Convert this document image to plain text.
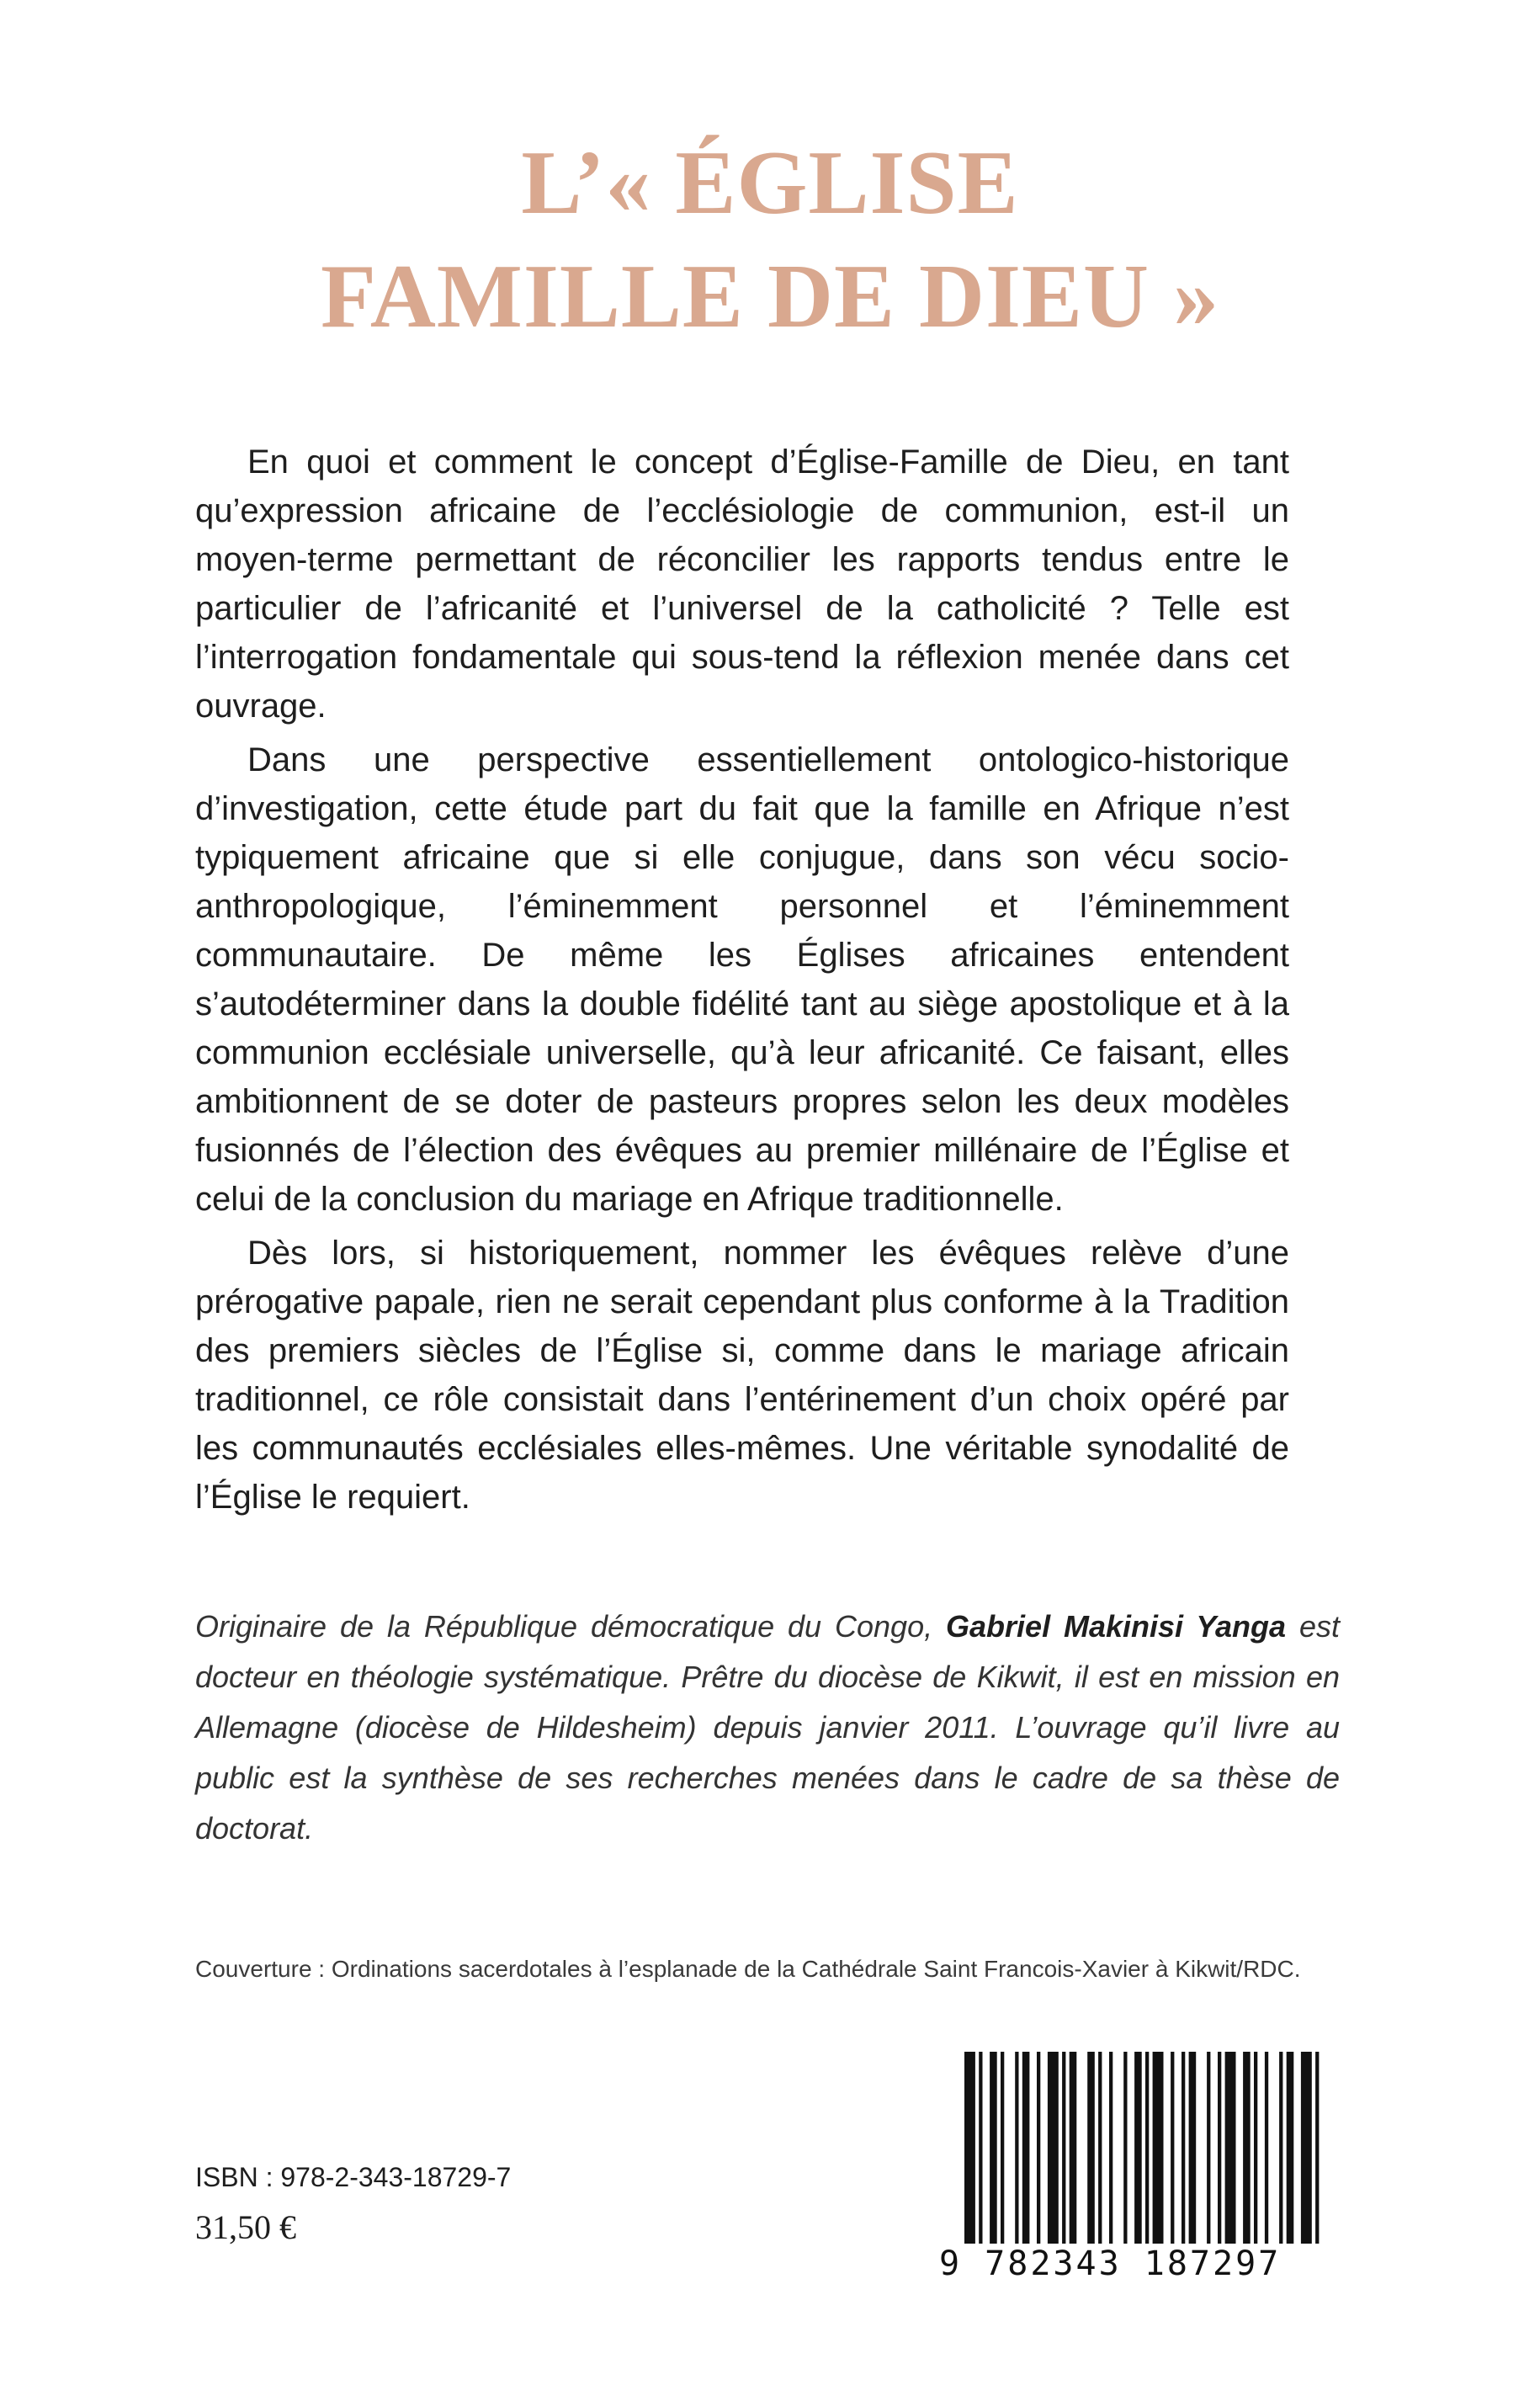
L’« ÉGLISE
FAMILLE DE DIEU »

En quoi et comment le concept d’Église-Famille de Dieu, en tant qu’expression africaine de l’ecclésiologie de communion, est-il un moyen-terme permettant de réconcilier les rapports tendus entre le particulier de l’africanité et l’universel de la catholicité ? Telle est l’interrogation fondamentale qui sous-tend la réflexion menée dans cet ouvrage.

Dans une perspective essentiellement ontologico-historique d’investigation, cette étude part du fait que la famille en Afrique n’est typiquement africaine que si elle conjugue, dans son vécu socio-anthropologique, l’éminemment personnel et l’éminemment communautaire. De même les Églises africaines entendent s’autodéterminer dans la double fidélité tant au siège apostolique et à la communion ecclésiale universelle, qu’à leur africanité. Ce faisant, elles ambitionnent de se doter de pasteurs propres selon les deux modèles fusionnés de l’élection des évêques au premier millénaire de l’Église et celui de la conclusion du mariage en Afrique traditionnelle.

Dès lors, si historiquement, nommer les évêques relève d’une prérogative papale, rien ne serait cependant plus conforme à la Tradition des premiers siècles de l’Église si, comme dans le mariage africain traditionnel, ce rôle consistait dans l’entérinement d’un choix opéré par les communautés ecclésiales elles-mêmes. Une véritable synodalité de l’Église le requiert.

Originaire de la République démocratique du Congo, Gabriel Makinisi Yanga est docteur en théologie systématique. Prêtre du diocèse de Kikwit, il est en mission en Allemagne (diocèse de Hildesheim) depuis janvier 2011. L’ouvrage qu’il livre au public est la synthèse de ses recherches menées dans le cadre de sa thèse de doctorat.
Couverture : Ordinations sacerdotales à l’esplanade de la Cathédrale Saint Francois-Xavier à Kikwit/RDC.
ISBN : 978-2-343-18729-7
31,50 €
9 782343 187297
